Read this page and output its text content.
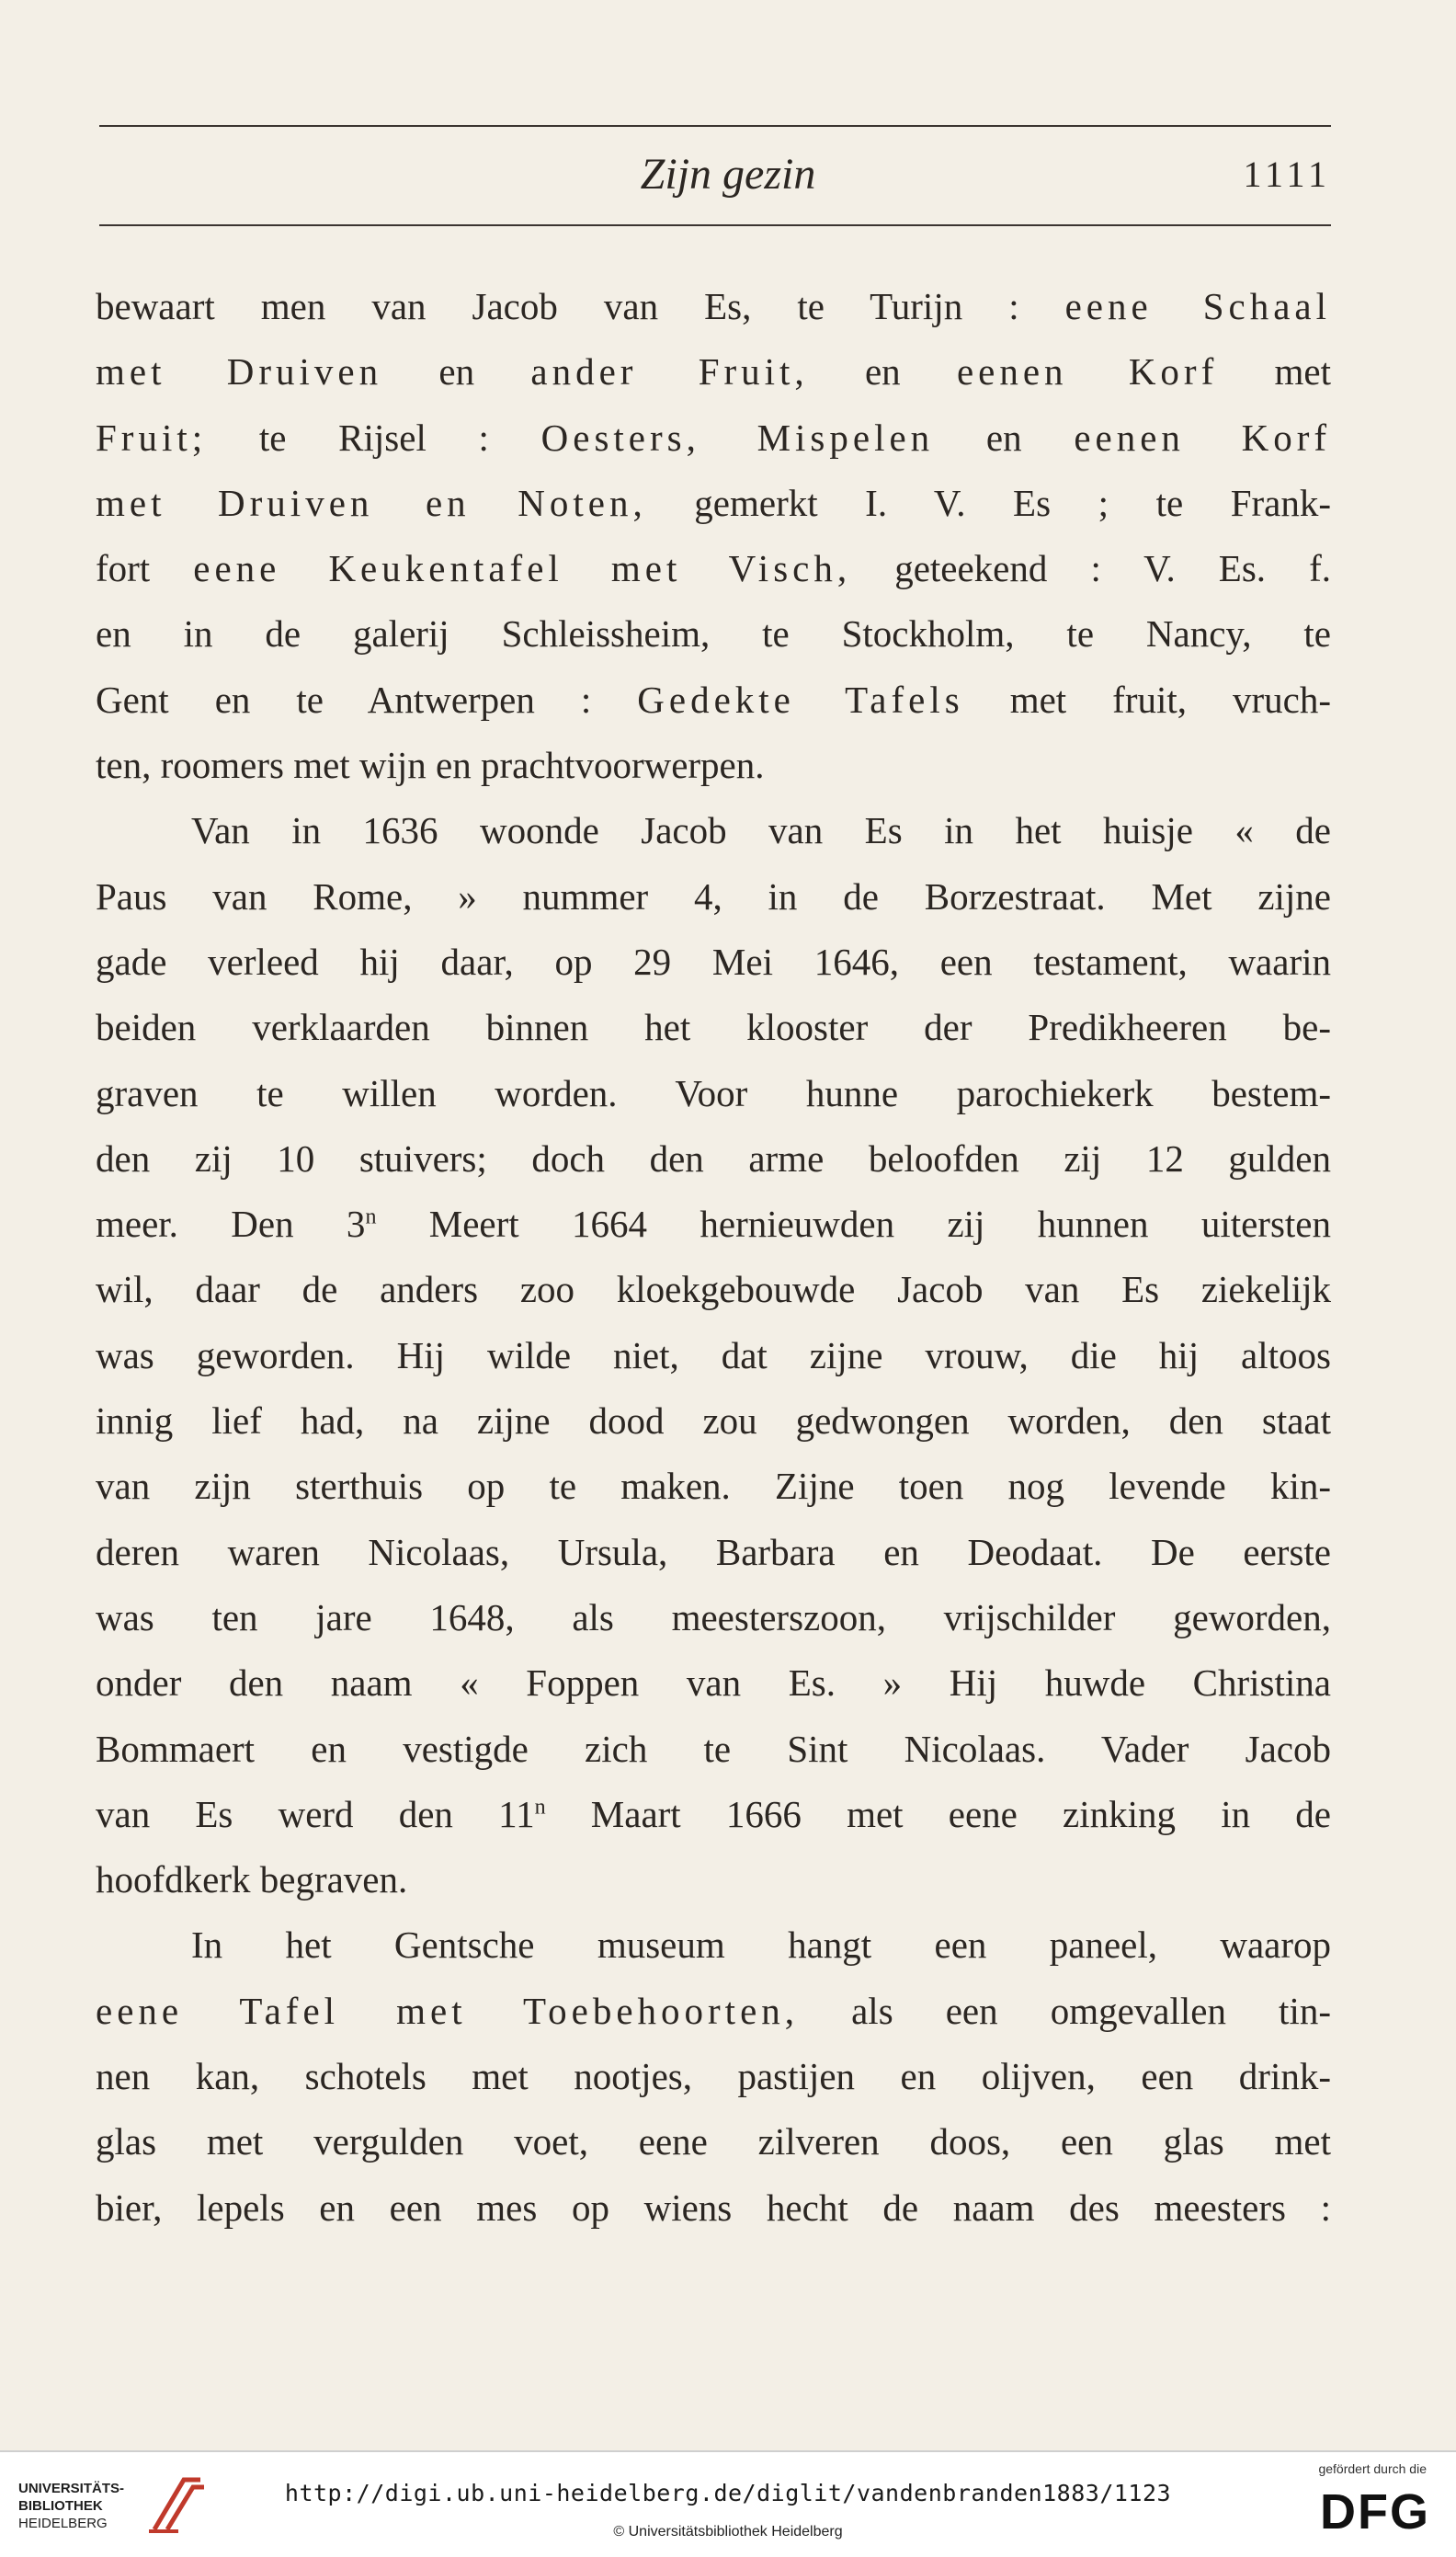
Zijn gezin	1111
bewaart men van Jacob van Es, te Turijn : eene Schaal
met Druiven en ander Fruit, en eenen Korf met
Fruit; te Rijsel : Oesters, Mispelen en eenen Korf
met Druiven en Noten, gemerkt I. V. Es ; te Frank-
fort eene Keukentafel met Visch, geteekend : V. Es. f.
en in de galerij Schleissheim, te Stockholm, te Nancy, te
Gent en te Antwerpen : Gedekte Tafels met fruit, vruch-
ten, roomers met wijn en prachtvoorwerpen.
Van in 1636 woonde Jacob van Es in het huisje « de
Paus van Rome, » nummer 4, in de Borzestraat. Met zijne
gade verleed hij daar, op 29 Mei 1646, een testament, waarin
beiden verklaarden binnen het klooster der Predikheeren be-
graven te willen worden. Voor hunne parochiekerk bestem-
den zij 10 stuivers; doch den arme beloofden zij 12 gulden
meer. Den 3$^n$ Meert 1664 hernieuwden zij hunnen uitersten
wil, daar de anders zoo kloekgebouwde Jacob van Es ziekelijk
was geworden. Hij wilde niet, dat zijne vrouw, die hij altoos
innig lief had, na zijne dood zou gedwongen worden, den staat
van zijn sterthuis op te maken. Zijne toen nog levende kin-
deren waren Nicolaas, Ursula, Barbara en Deodaat. De eerste
was ten jare 1648, als meesterszoon, vrijschilder geworden,
onder den naam « Foppen van Es. » Hij huwde Christina
Bommaert en vestigde zich te Sint Nicolaas. Vader Jacob
van Es werd den 11$^n$ Maart 1666 met eene zinking in de
hoofdkerk begraven.
In het Gentsche museum hangt een paneel, waarop
eene Tafel met Toebehoorten, als een omgevallen tin-
nen kan, schotels met nootjes, pastijen en olijven, een drink-
glas met vergulden voet, eene zilveren doos, een glas met
bier, lepels en een mes op wiens hecht de naam des meesters :
UNIVERSITÄTS-
BIBLIOTHEK
HEIDELBERG
http://digi.ub.uni-heidelberg.de/diglit/vandenbranden1883/1123
© Universitätsbibliothek Heidelberg
gefördert durch die
DFG
